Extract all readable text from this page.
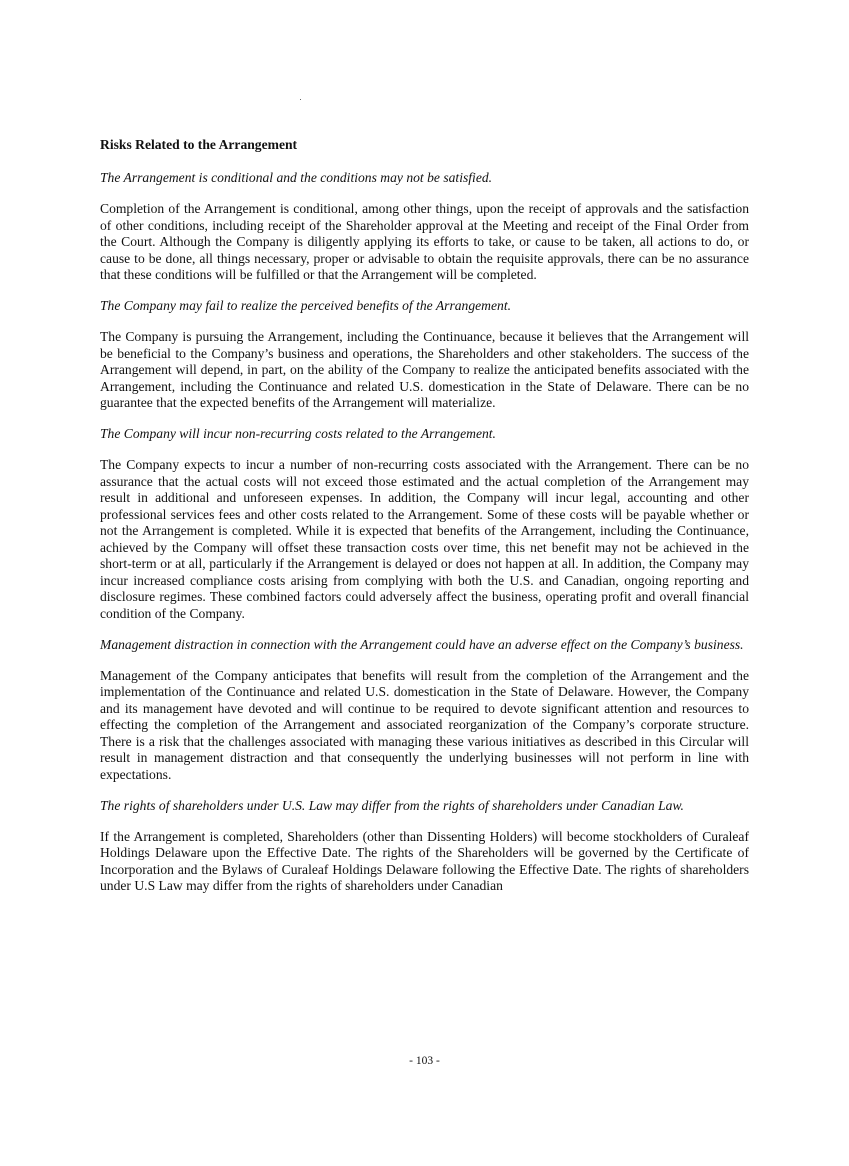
Risks Related to the Arrangement

The Arrangement is conditional and the conditions may not be satisfied.

Completion of the Arrangement is conditional, among other things, upon the receipt of approvals and the satisfaction of other conditions, including receipt of the Shareholder approval at the Meeting and receipt of the Final Order from the Court. Although the Company is diligently applying its efforts to take, or cause to be taken, all actions to do, or cause to be done, all things necessary, proper or advisable to obtain the requisite approvals, there can be no assurance that these conditions will be fulfilled or that the Arrangement will be completed.

The Company may fail to realize the perceived benefits of the Arrangement.

The Company is pursuing the Arrangement, including the Continuance, because it believes that the Arrangement will be beneficial to the Company’s business and operations, the Shareholders and other stakeholders. The success of the Arrangement will depend, in part, on the ability of the Company to realize the anticipated benefits associated with the Arrangement, including the Continuance and related U.S. domestication in the State of Delaware. There can be no guarantee that the expected benefits of the Arrangement will materialize.

The Company will incur non-recurring costs related to the Arrangement.

The Company expects to incur a number of non-recurring costs associated with the Arrangement. There can be no assurance that the actual costs will not exceed those estimated and the actual completion of the Arrangement may result in additional and unforeseen expenses. In addition, the Company will incur legal, accounting and other professional services fees and other costs related to the Arrangement. Some of these costs will be payable whether or not the Arrangement is completed. While it is expected that benefits of the Arrangement, including the Continuance, achieved by the Company will offset these transaction costs over time, this net benefit may not be achieved in the short-term or at all, particularly if the Arrangement is delayed or does not happen at all. In addition, the Company may incur increased compliance costs arising from complying with both the U.S. and Canadian, ongoing reporting and disclosure regimes. These combined factors could adversely affect the business, operating profit and overall financial condition of the Company.

Management distraction in connection with the Arrangement could have an adverse effect on the Company’s business.

Management of the Company anticipates that benefits will result from the completion of the Arrangement and the implementation of the Continuance and related U.S. domestication in the State of Delaware. However, the Company and its management have devoted and will continue to be required to devote significant attention and resources to effecting the completion of the Arrangement and associated reorganization of the Company’s corporate structure. There is a risk that the challenges associated with managing these various initiatives as described in this Circular will result in management distraction and that consequently the underlying businesses will not perform in line with expectations.

The rights of shareholders under U.S. Law may differ from the rights of shareholders under Canadian Law.

If the Arrangement is completed, Shareholders (other than Dissenting Holders) will become stockholders of Curaleaf Holdings Delaware upon the Effective Date. The rights of the Shareholders will be governed by the Certificate of Incorporation and the Bylaws of Curaleaf Holdings Delaware following the Effective Date. The rights of shareholders under U.S Law may differ from the rights of shareholders under Canadian

- 103 -
